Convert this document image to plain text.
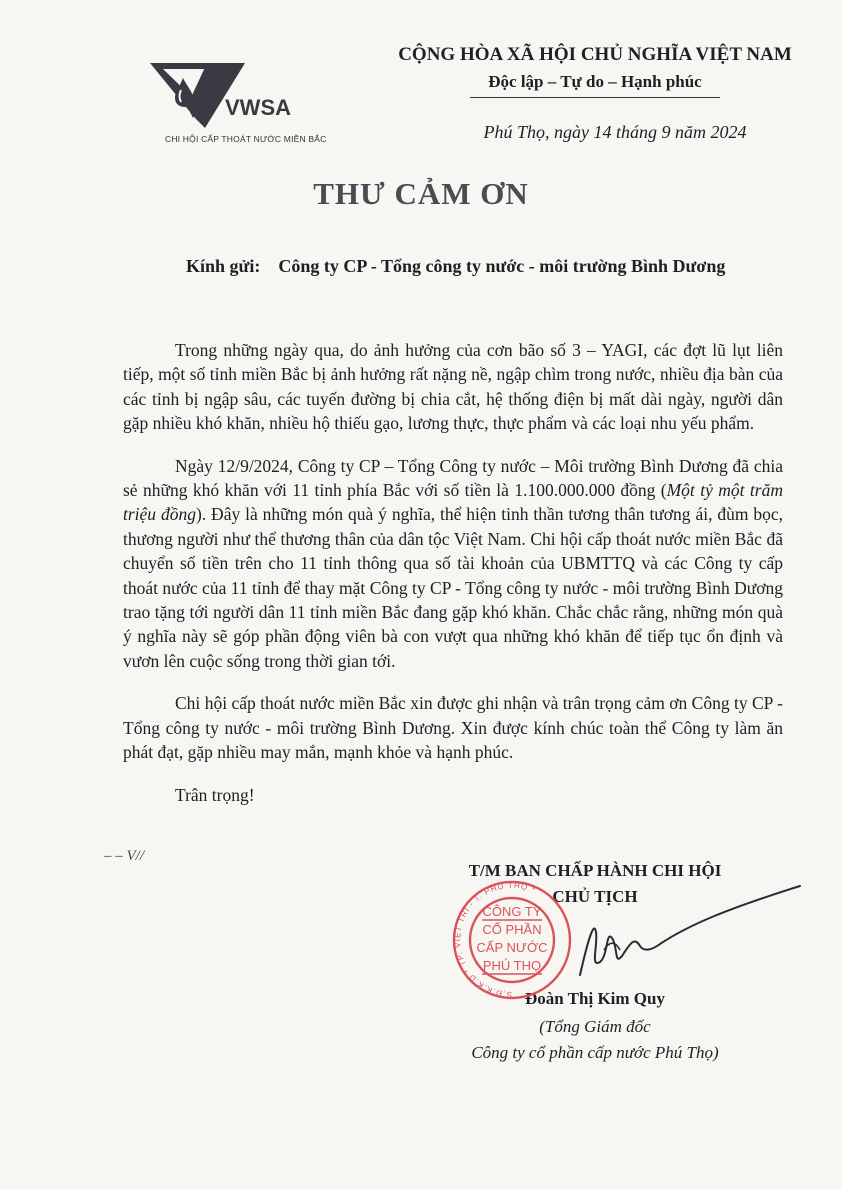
VWSA
CHI HỘI CẤP THOÁT NƯỚC MIỀN BẮC
CỘNG HÒA XÃ HỘI CHỦ NGHĨA VIỆT NAM
Độc lập – Tự do – Hạnh phúc
Phú Thọ, ngày 14 tháng 9 năm 2024
THƯ CẢM ƠN
Kính gửi: Công ty CP - Tổng công ty nước - môi trường Bình Dương

Trong những ngày qua, do ảnh hưởng của cơn bão số 3 – YAGI, các đợt lũ lụt liên tiếp, một số tỉnh miền Bắc bị ảnh hưởng rất nặng nề, ngập chìm trong nước, nhiều địa bàn của các tỉnh bị ngập sâu, các tuyến đường bị chia cắt, hệ thống điện bị mất dài ngày, người dân gặp nhiều khó khăn, nhiều hộ thiếu gạo, lương thực, thực phẩm và các loại nhu yếu phẩm.

Ngày 12/9/2024, Công ty CP – Tổng Công ty nước – Môi trường Bình Dương đã chia sẻ những khó khăn với 11 tỉnh phía Bắc với số tiền là 1.100.000.000 đồng (Một tỷ một trăm triệu đồng). Đây là những món quà ý nghĩa, thể hiện tinh thần tương thân tương ái, đùm bọc, thương người như thể thương thân của dân tộc Việt Nam. Chi hội cấp thoát nước miền Bắc đã chuyển số tiền trên cho 11 tỉnh thông qua số tài khoản của UBMTTQ và các Công ty cấp thoát nước của 11 tỉnh để thay mặt Công ty CP - Tổng công ty nước - môi trường Bình Dương trao tặng tới người dân 11 tỉnh miền Bắc đang gặp khó khăn. Chắc chắc rằng, những món quà ý nghĩa này sẽ góp phần động viên bà con vượt qua những khó khăn để tiếp tục ổn định và vươn lên cuộc sống trong thời gian tới.

Chi hội cấp thoát nước miền Bắc xin được ghi nhận và trân trọng cảm ơn Công ty CP - Tổng công ty nước - môi trường Bình Dương. Xin được kính chúc toàn thể Công ty làm ăn phát đạt, gặp nhiều may mắn, mạnh khỏe và hạnh phúc.

Trân trọng!

– – V//
T/M BAN CHẤP HÀNH CHI HỘI
CHỦ TỊCH
Đoàn Thị Kim Quy
(Tổng Giám đốc
Công ty cổ phần cấp nước Phú Thọ)
S.Đ.K.K.D * TP. VIỆT TRÌ - T. PHÚ THỌ *
CÔNG TY
CỔ PHẦN
CẤP NƯỚC
PHÚ THỌ
